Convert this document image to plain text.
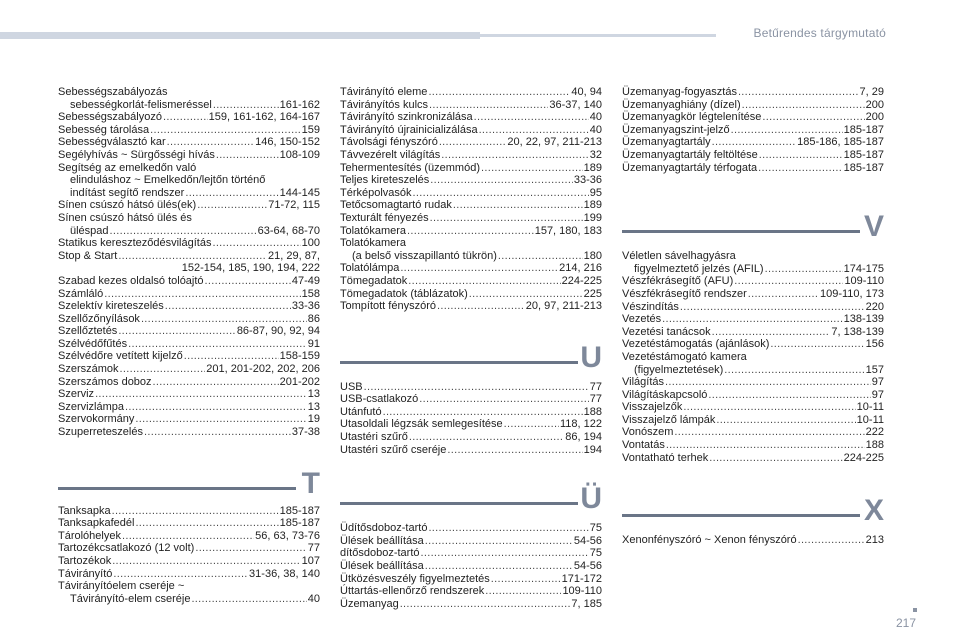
Betűrendes tárgymutató
Sebességszabályozás
sebességkorlát-felismeréssel .....	161-162
Sebességszabályozó .....	159, 161-162, 164-167
Sebesség tárolása .....	159
Sebességválasztó kar .....	146, 150-152
Segélyhívás ~ Sürgősségi hívás .....	108-109
Segítség az emelkedőn való
elinduláshoz ~ Emelkedőn/lejtőn történő
indítást segítő rendszer .....	144-145
Sínen csúszó hátsó ülés(ek) .....	71-72, 115
Sínen csúszó hátsó ülés és
üléspad .....	63-64, 68-70
Statikus kereszteződésvilágítás .....	100
Stop & Start .....	21, 29, 87,
152-154, 185, 190, 194, 222
Szabad kezes oldalsó tolóajtó .....	47-49
Számláló .....	158
Szelektív kireteszelés .....	33-36
Szellőzőnyílások .....	86
Szellőztetés .....	86-87, 90, 92, 94
Szélvédőfűtés .....	91
Szélvédőre vetített kijelző .....	158-159
Szerszámok .....	201, 201-202, 202, 206
Szerszámos doboz .....	201-202
Szerviz .....	13
Szervizlámpa .....	13
Szervokormány .....	19
Szuperreteszelés .....	37-38
T
Tanksapka .....	185-187
Tanksapkafedél .....	185-187
Tárolóhelyek .....	56, 63, 73-76
Tartozékcsatlakozó (12 volt) .....	77
Tartozékok .....	107
Távirányító .....	31-36, 38, 140
Távirányítóelem cseréje ~
Távirányító-elem cseréje .....	40
Távirányító eleme .....	40, 94
Távirányítós kulcs .....	36-37, 140
Távirányító szinkronizálása .....	40
Távirányító újrainicializálása .....	40
Távolsági fényszóró .....	20, 22, 97, 211-213
Távvezérelt világítás .....	32
Tehermentesítés (üzemmód) .....	189
Teljes kireteszelés .....	33-36
Térképolvasók .....	95
Tetőcsomagtartó rudak .....	189
Texturált fényezés .....	199
Tolatókamera .....	157, 180, 183
Tolatókamera
(a belső visszapillantó tükrön) .....	180
Tolatólámpa .....	214, 216
Tömegadatok .....	224-225
Tömegadatok (táblázatok) .....	225
Tompított fényszóró .....	20, 97, 211-213
U
USB .....	77
USB-csatlakozó .....	77
Utánfutó .....	188
Utasoldali légzsák semlegesítése .....	118, 122
Utastéri szűrő .....	86, 194
Utastéri szűrő cseréje .....	194
Ü
Üdítősdoboz-tartó .....	75
Ülések beállítása .....	54-56
dítősdoboz-tartó .....	75
Ülések beállítása .....	54-56
Ütközésveszély figyelmeztetés .....	171-172
Úttartás-ellenőrző rendszerek .....	109-110
Üzemanyag .....	7, 185
Üzemanyag-fogyasztás .....	7, 29
Üzemanyaghiány (dízel) .....	200
Üzemanyagkör légtelenítése .....	200
Üzemanyagszint-jelző .....	185-187
Üzemanyagtartály .....	185-186, 185-187
Üzemanyagtartály feltöltése .....	185-187
Üzemanyagtartály térfogata .....	185-187
V
Véletlen sávelhagyásra
figyelmeztető jelzés (AFIL) .....	174-175
Vészfékrásegítő (AFU) .....	109-110
Vészfékrásegítő rendszer .....	109-110, 173
Vészindítás .....	220
Vezetés .....	138-139
Vezetési tanácsok .....	7, 138-139
Vezetéstámogatás (ajánlások) .....	156
Vezetéstámogató kamera
(figyelmeztetések) .....	157
Világítás .....	97
Világításkapcsoló .....	97
Visszajelzők .....	10-11
Visszajelző lámpák .....	10-11
Vonószem .....	222
Vontatás .....	188
Vontatható terhek .....	224-225
X
Xenonfényszóró ~ Xenon fényszóró .....	213
217
